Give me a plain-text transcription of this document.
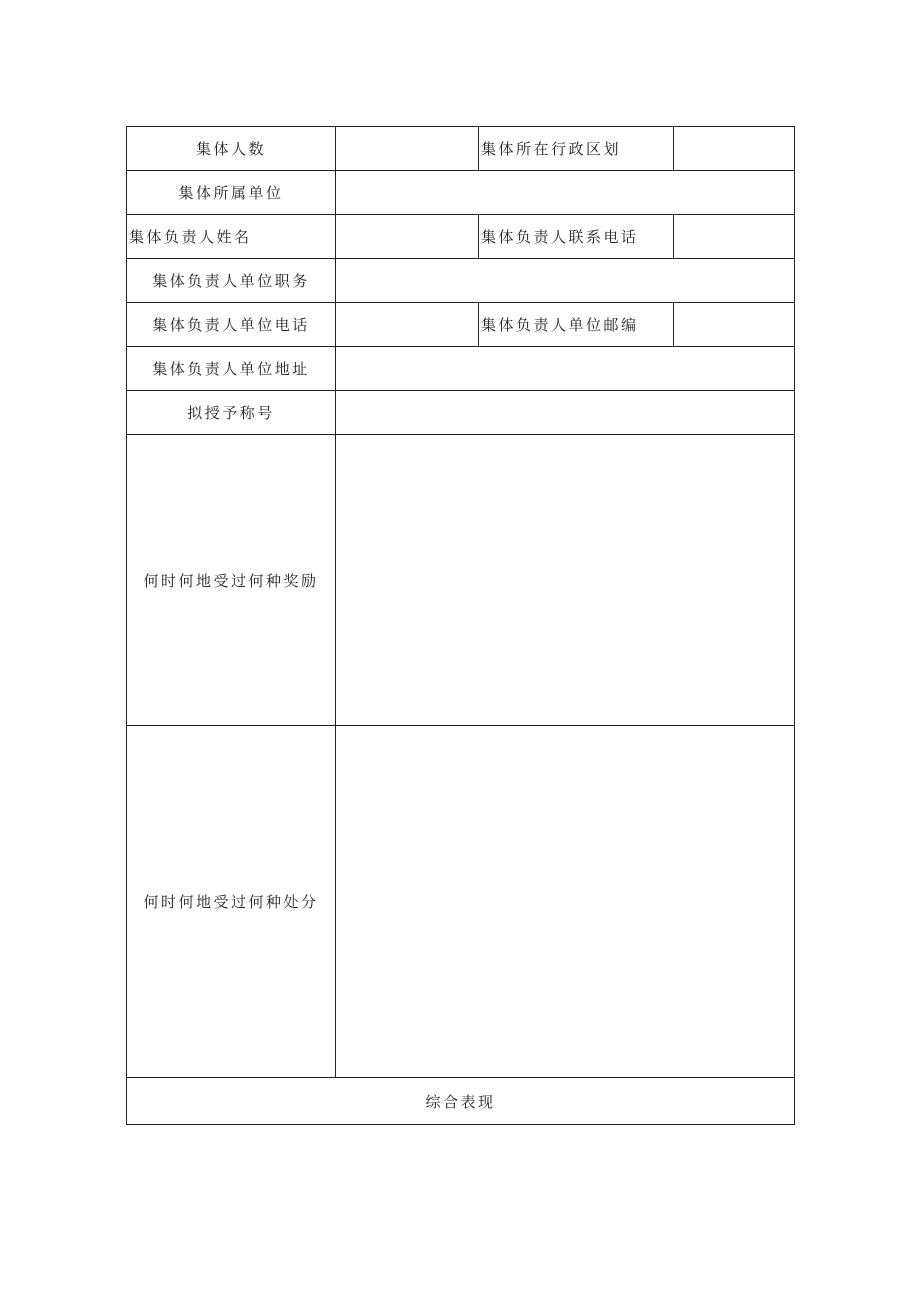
集体人数	集体所在行政区划
集体所属单位
集体负责人姓名	集体负责人联系电话
集体负责人单位职务
集体负责人单位电话	集体负责人单位邮编
集体负责人单位地址
拟授予称号
何时何地受过何种奖励
何时何地受过何种处分
综合表现
